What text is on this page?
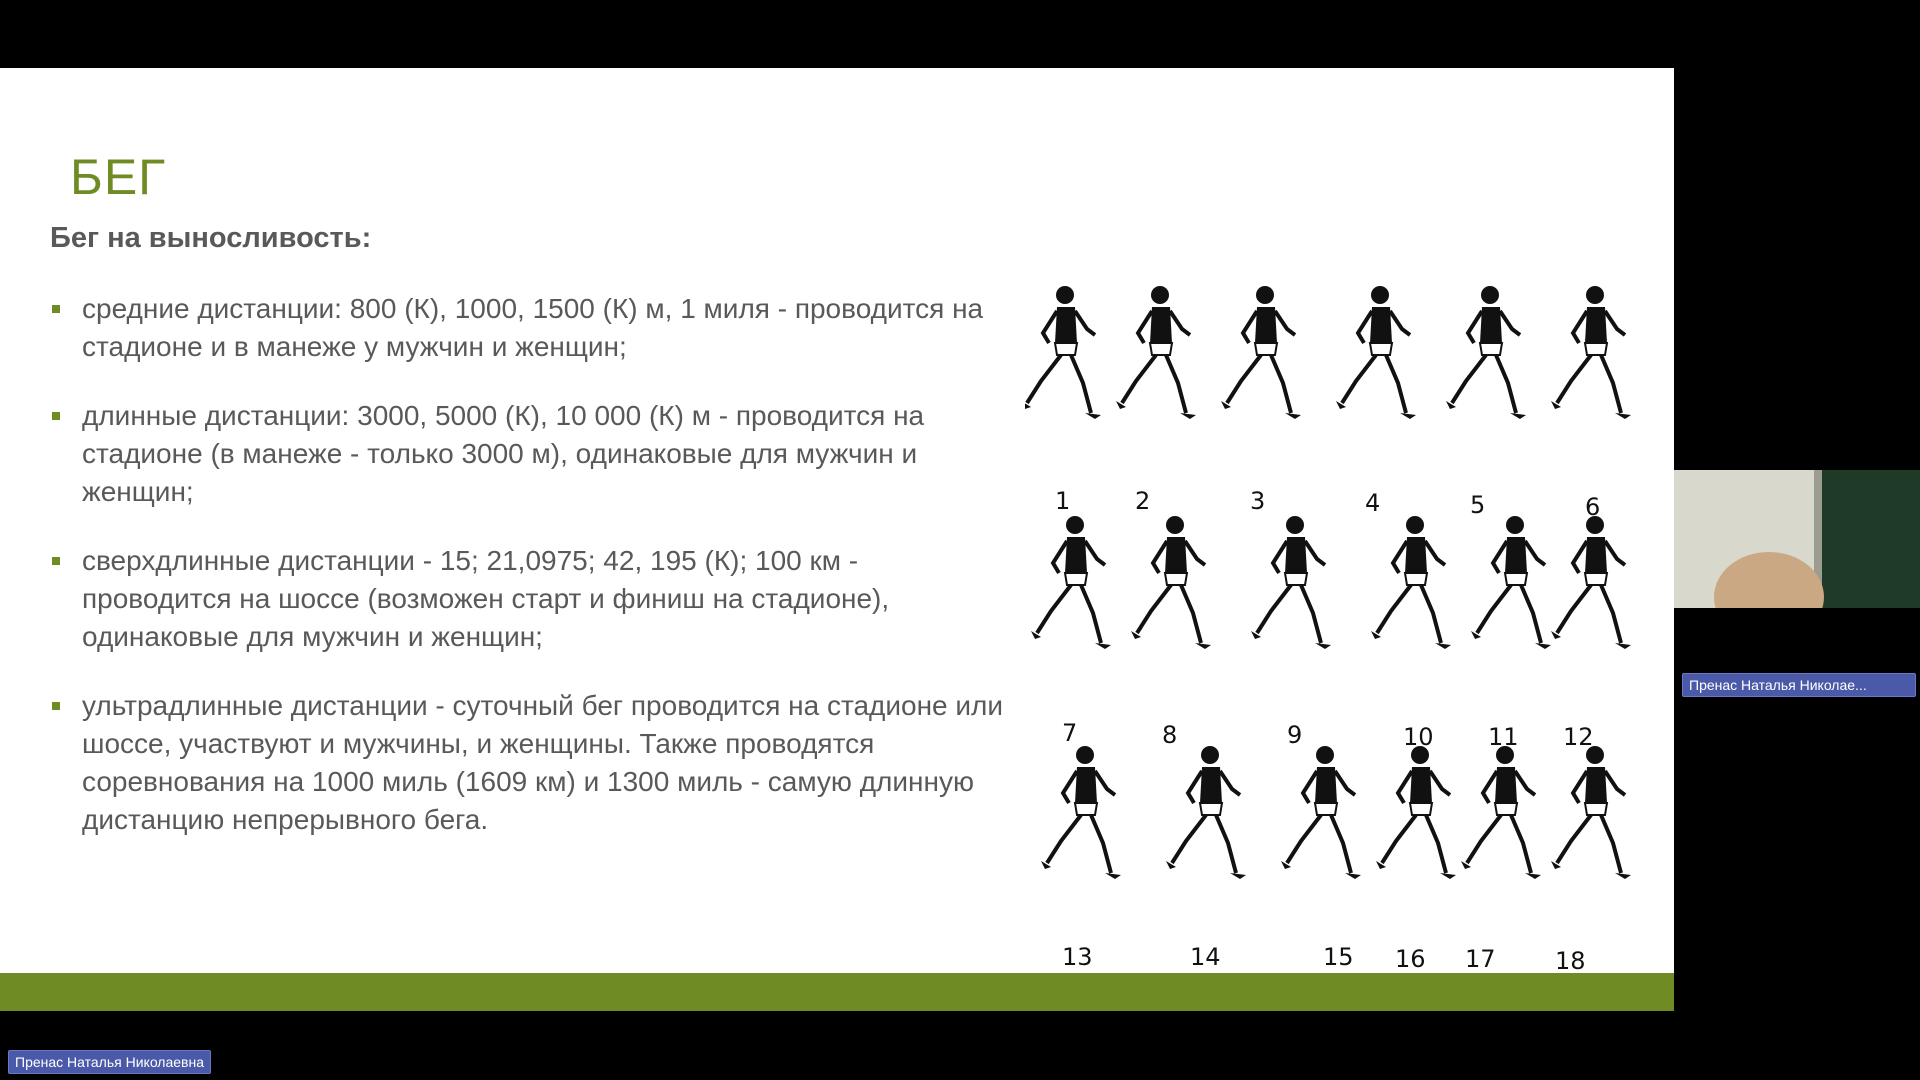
БЕГ
Бег на выносливость:
средние дистанции: 800 (К), 1000, 1500 (К) м, 1 миля - проводится на стадионе и в манеже у мужчин и женщин;
длинные дистанции: 3000, 5000 (К), 10 000 (К) м - проводится на стадионе (в манеже - только 3000 м), одинаковые для мужчин и женщин;
сверхдлинные дистанции - 15; 21,0975; 42, 195 (К); 100 км - проводится на шоссе (возможен старт и финиш на стадионе), одинаковые для мужчин и женщин;
ультрадлинные дистанции - суточный бег проводится на стадионе или шоссе, участвуют и мужчины, и женщины. Также проводятся соревнования на 1000 миль (1609 км) и 1300 миль - самую длинную дистанцию непрерывного бега.
1	2	3	4	5	6
7	8	9	10 11 12
13	14	15 16 17 18
Пренас Наталья Николае...
Пренас Наталья Николаевна
